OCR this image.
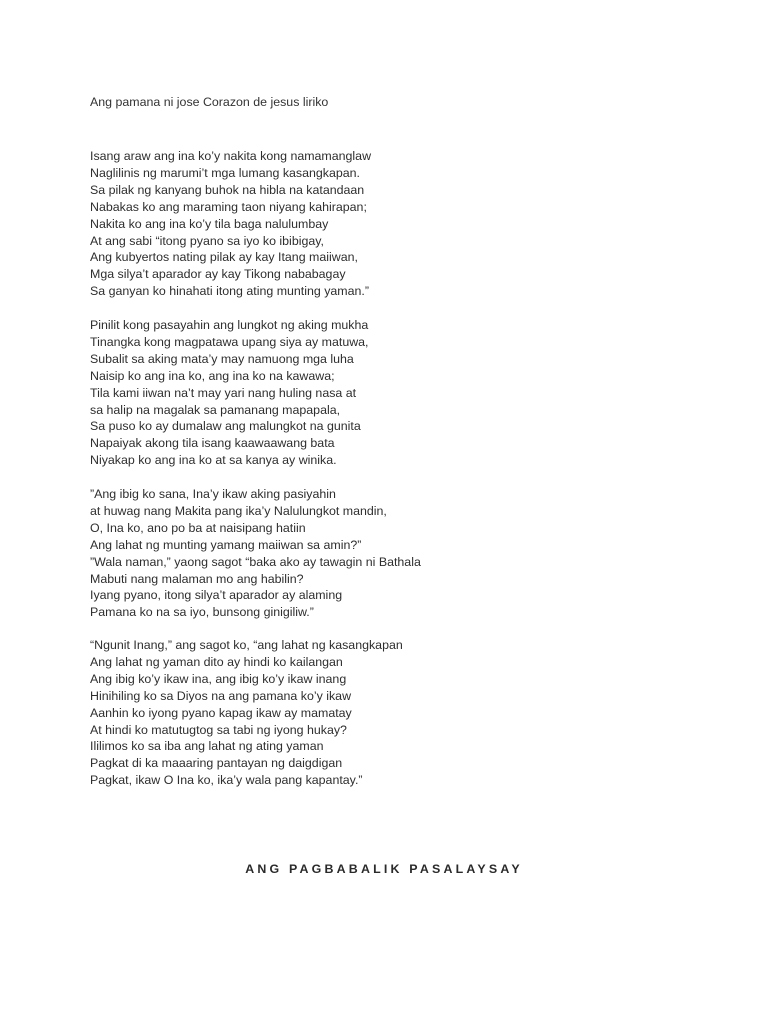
Ang pamana ni jose Corazon de jesus liriko
Isang araw ang ina ko’y nakita kong namamanglaw
Naglilinis ng marumi’t mga lumang kasangkapan.
Sa pilak ng kanyang buhok na hibla na katandaan
Nabakas ko ang maraming taon niyang kahirapan;
Nakita ko ang ina ko’y tila baga nalulumbay
At ang sabi “itong pyano sa iyo ko ibibigay,
Ang kubyertos nating pilak ay kay Itang maiiwan,
Mga silya’t aparador ay kay Tikong nababagay
Sa ganyan ko hinahati itong ating munting yaman.”
Pinilit kong pasayahin ang lungkot ng aking mukha
Tinangka kong magpatawa upang siya ay matuwa,
Subalit sa aking mata’y may namuong mga luha
Naisip ko ang ina ko, ang ina ko na kawawa;
Tila kami iiwan na’t may yari nang huling nasa at
sa halip na magalak sa pamanang mapapala,
Sa puso ko ay dumalaw ang malungkot na gunita
Napaiyak akong tila isang kaawaawang bata
Niyakap ko ang ina ko at sa kanya ay winika.
”Ang ibig ko sana, Ina’y ikaw aking pasiyahin
at huwag nang Makita pang ika’y Nalulungkot mandin,
O, Ina ko, ano po ba at naisipang hatiin
Ang lahat ng munting yamang maiiwan sa amin?”
”Wala naman,” yaong sagot “baka ako ay tawagin ni Bathala
Mabuti nang malaman mo ang habilin?
Iyang pyano, itong silya’t aparador ay alaming
Pamana ko na sa iyo, bunsong ginigiliw.”
“Ngunit Inang,” ang sagot ko, “ang lahat ng kasangkapan
Ang lahat ng yaman dito ay hindi ko kailangan
Ang ibig ko’y ikaw ina, ang ibig ko’y ikaw inang
Hinihiling ko sa Diyos na ang pamana ko’y ikaw
Aanhin ko iyong pyano kapag ikaw ay mamatay
At hindi ko matutugtog sa tabi ng iyong hukay?
Ililimos ko sa iba ang lahat ng ating yaman
Pagkat di ka maaaring pantayan ng daigdigan
Pagkat, ikaw O Ina ko, ika’y wala pang kapantay.”
ANG PAGBABALIK PASALAYSAY
